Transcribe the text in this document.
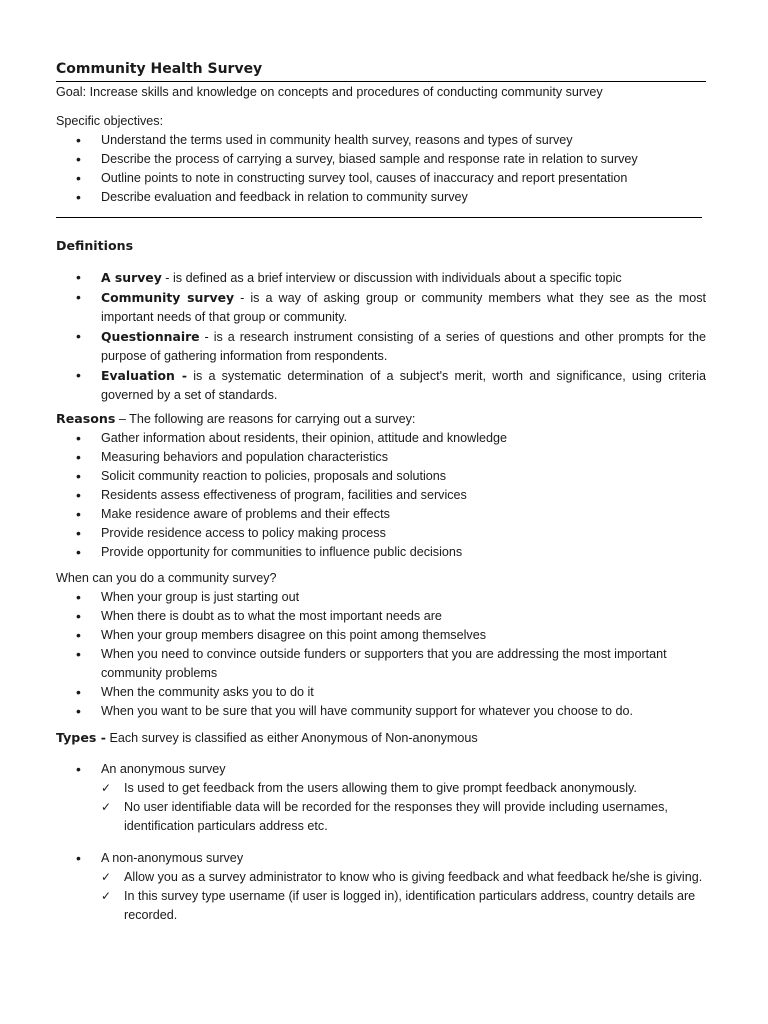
Community Health Survey
Goal: Increase skills and knowledge on concepts and procedures of conducting community survey
Specific objectives:
• Understand the terms used in community health survey, reasons and types of survey
• Describe the process of carrying a survey, biased sample and response rate in relation to survey
• Outline points to note in constructing survey tool, causes of inaccuracy and report presentation
• Describe evaluation and feedback in relation to community survey
Definitions
• A survey - is defined as a brief interview or discussion with individuals about a specific topic
• Community survey - is a way of asking group or community members what they see as the most important needs of that group or community.
• Questionnaire - is a research instrument consisting of a series of questions and other prompts for the purpose of gathering information from respondents.
• Evaluation - is a systematic determination of a subject's merit, worth and significance, using criteria governed by a set of standards.
Reasons – The following are reasons for carrying out a survey:
• Gather information about residents, their opinion, attitude and knowledge
• Measuring behaviors and population characteristics
• Solicit community reaction to policies, proposals and solutions
• Residents assess effectiveness of program, facilities and services
• Make residence aware of problems and their effects
• Provide residence access to policy making process
• Provide opportunity for communities to influence public decisions
When can you do a community survey?
• When your group is just starting out
• When there is doubt as to what the most important needs are
• When your group members disagree on this point among themselves
• When you need to convince outside funders or supporters that you are addressing the most important community problems
• When the community asks you to do it
• When you want to be sure that you will have community support for whatever you choose to do.
Types - Each survey is classified as either Anonymous of Non-anonymous
• An anonymous survey
✓ Is used to get feedback from the users allowing them to give prompt feedback anonymously.
✓ No user identifiable data will be recorded for the responses they will provide including usernames, identification particulars address etc.
• A non-anonymous survey
✓ Allow you as a survey administrator to know who is giving feedback and what feedback he/she is giving.
✓ In this survey type username (if user is logged in), identification particulars address, country details are recorded.
